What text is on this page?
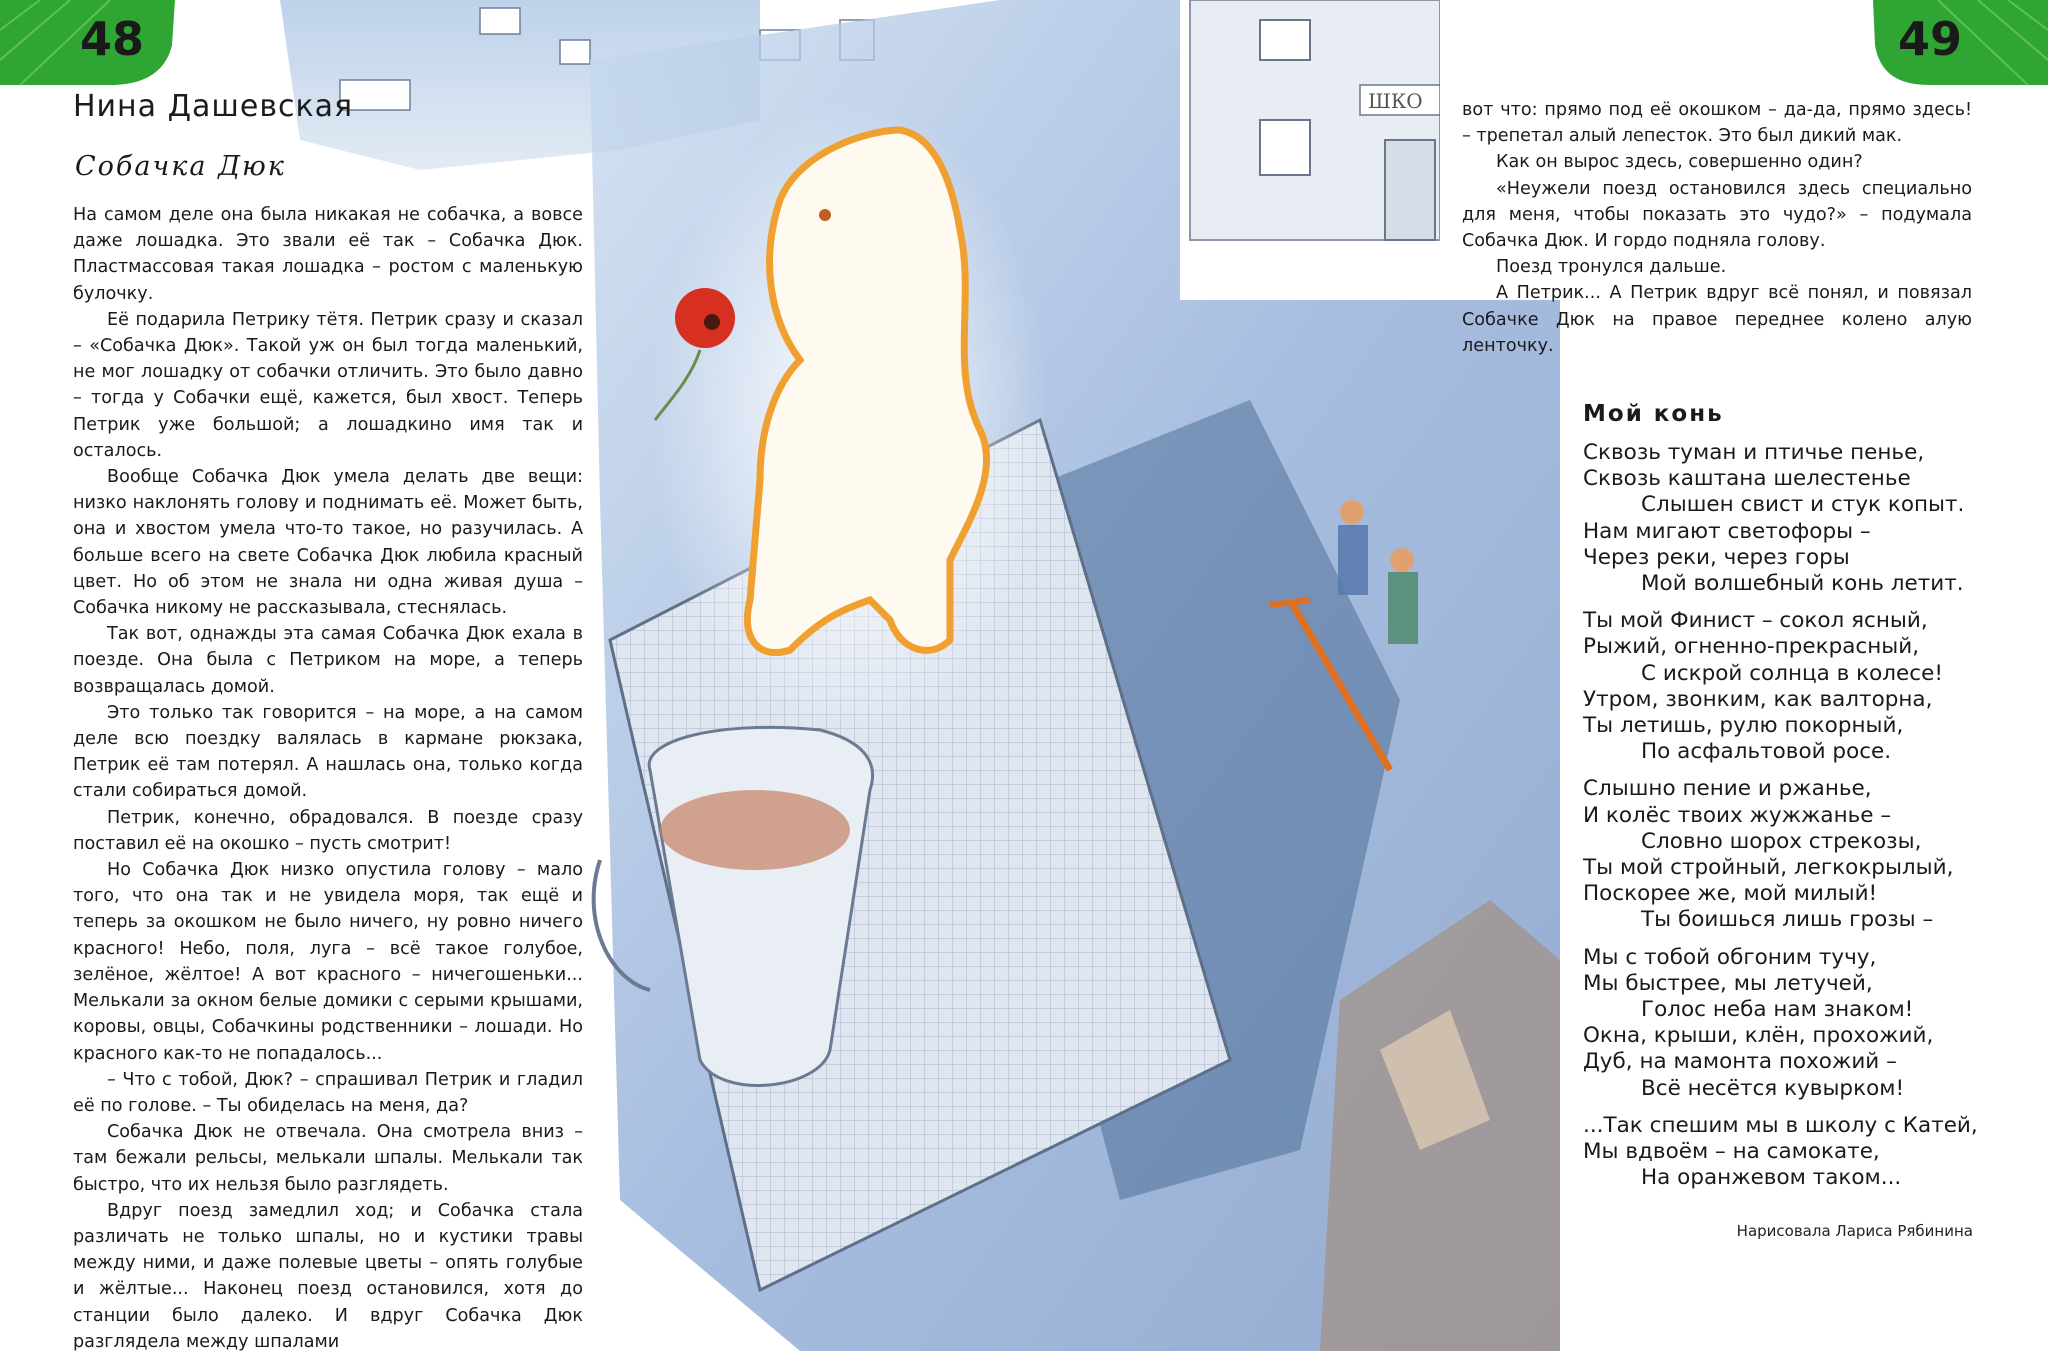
ШКО
48	49
Нина Дашевская
Собачка Дюк

На самом деле она была никакая не собачка, а вовсе даже лошадка. Это звали её так – Собачка Дюк. Пластмассовая такая лошадка – ростом с маленькую булочку.

Её подарила Петрику тётя. Петрик сразу и сказал – «Собачка Дюк». Такой уж он был тогда маленький, не мог лошадку от собачки отличить. Это было давно – тогда у Собачки ещё, кажется, был хвост. Теперь Петрик уже большой; а лошадкино имя так и осталось.

Вообще Собачка Дюк умела делать две вещи: низко наклонять голову и поднимать её. Может быть, она и хвостом умела что-то такое, но разучилась. А больше всего на свете Собачка Дюк любила красный цвет. Но об этом не знала ни одна живая душа – Собачка никому не рассказывала, стеснялась.

Так вот, однажды эта самая Собачка Дюк ехала в поезде. Она была с Петриком на море, а теперь возвращалась домой.

Это только так говорится – на море, а на самом деле всю поездку валялась в кармане рюкзака, Петрик её там потерял. А нашлась она, только когда стали собираться домой.

Петрик, конечно, обрадовался. В поезде сразу поставил её на окошко – пусть смотрит!

Но Собачка Дюк низко опустила голову – мало того, что она так и не увидела моря, так ещё и теперь за окошком не было ничего, ну ровно ничего красного! Небо, поля, луга – всё такое голубое, зелёное, жёлтое! А вот красного – ничегошеньки... Мелькали за окном белые домики с серыми крышами, коровы, овцы, Собачкины родственники – лошади. Но красного как-то не попадалось...

– Что с тобой, Дюк? – спрашивал Петрик и гладил её по голове. – Ты обиделась на меня, да?

Собачка Дюк не отвечала. Она смотрела вниз – там бежали рельсы, мелькали шпалы. Мелькали так быстро, что их нельзя было разглядеть.

Вдруг поезд замедлил ход; и Собачка стала различать не только шпалы, но и кустики травы между ними, и даже полевые цветы – опять голубые и жёлтые... Наконец поезд остановился, хотя до станции было далеко. И вдруг Собачка Дюк разглядела между шпалами

вот что: прямо под её окошком – да-да, прямо здесь! – трепетал алый лепесток. Это был дикий мак.

Как он вырос здесь, совершенно один?

«Неужели поезд остановился здесь специально для меня, чтобы показать это чудо?» – подумала Собачка Дюк. И гордо подняла голову.

Поезд тронулся дальше.

А Петрик... А Петрик вдруг всё понял, и повязал Собачке Дюк на правое переднее колено алую ленточку.

Мой конь
Сквозь туман и птичье пенье,
Сквозь каштана шелестенье
Слышен свист и стук копыт.
Нам мигают светофоры –
Через реки, через горы
Мой волшебный конь летит.
Ты мой Финист – сокол ясный,
Рыжий, огненно-прекрасный,
С искрой солнца в колесе!
Утром, звонким, как валторна,
Ты летишь, рулю покорный,
По асфальтовой росе.
Слышно пение и ржанье,
И колёс твоих жужжанье –
Словно шорох стрекозы,
Ты мой стройный, легкокрылый,
Поскорее же, мой милый!
Ты боишься лишь грозы –
Мы с тобой обгоним тучу,
Мы быстрее, мы летучей,
Голос неба нам знаком!
Окна, крыши, клён, прохожий,
Дуб, на мамонта похожий –
Всё несётся кувырком!
...Так спешим мы в школу с Катей,
Мы вдвоём – на самокате,
На оранжевом таком...
Нарисовала Лариса Рябинина
